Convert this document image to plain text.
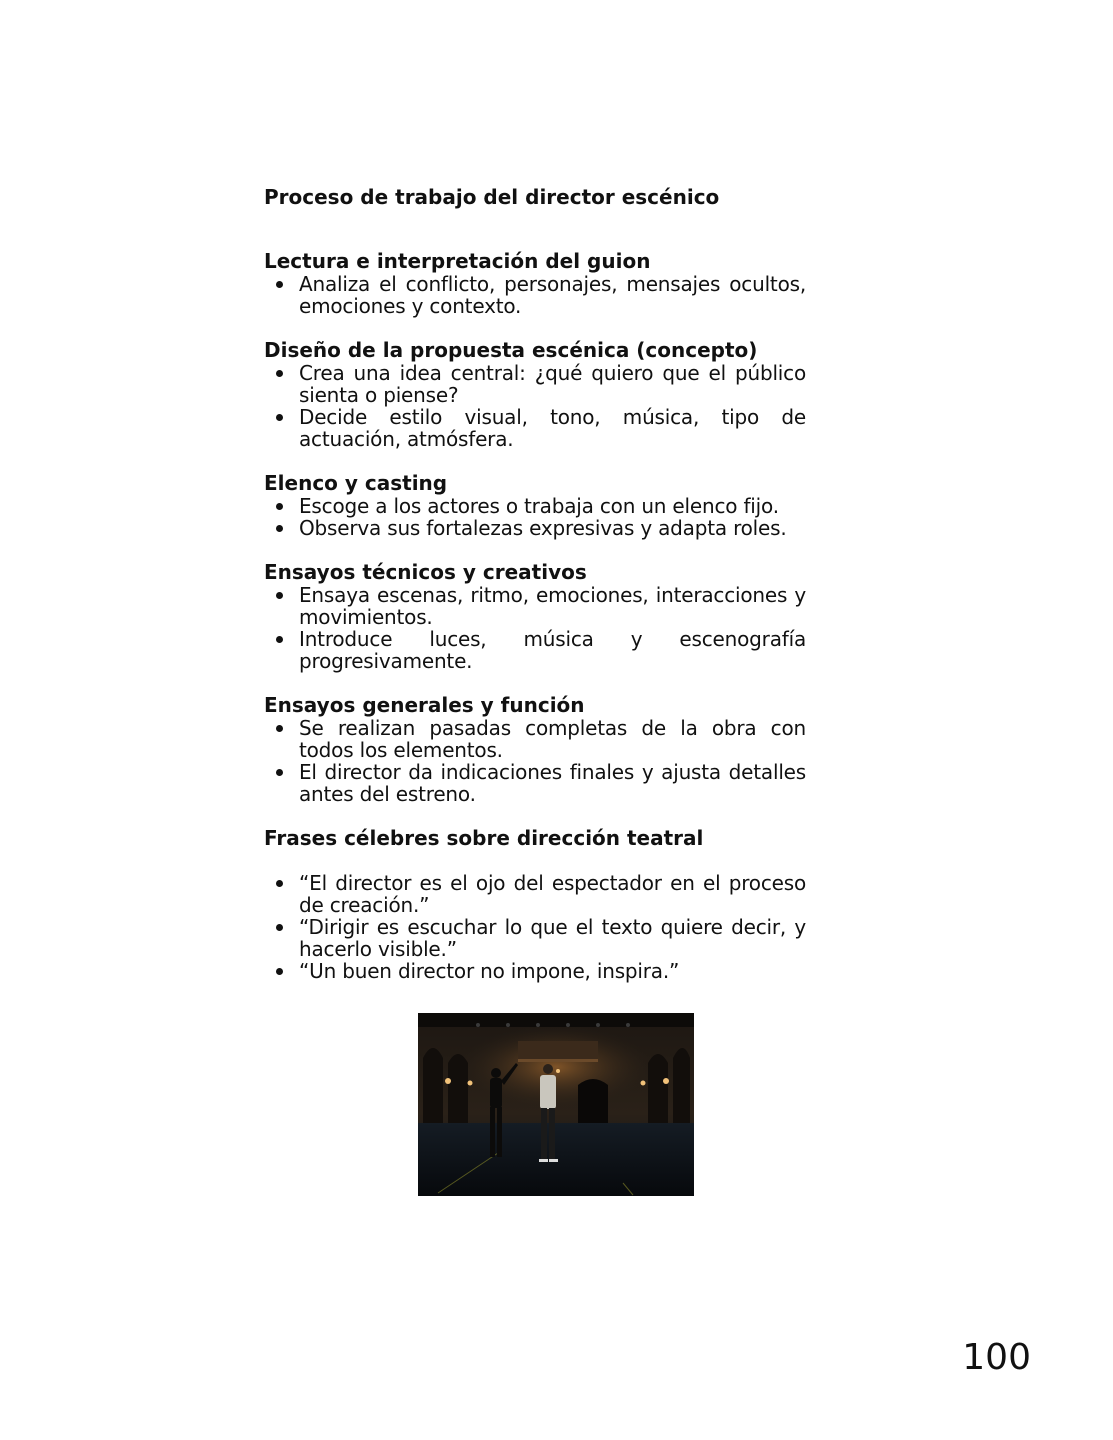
Proceso de trabajo del director escénico
Lectura e interpretación del guion
Analiza el conflicto, personajes, mensajes ocultos, emociones y contexto.
Diseño de la propuesta escénica (concepto)
Crea una idea central: ¿qué quiero que el público sienta o piense?
Decide estilo visual, tono, música, tipo de actuación, atmósfera.
Elenco y casting
Escoge a los actores o trabaja con un elenco fijo.
Observa sus fortalezas expresivas y adapta roles.
Ensayos técnicos y creativos
Ensaya escenas, ritmo, emociones, interacciones y movimientos.
Introduce luces, música y escenografía progresivamente.
Ensayos generales y función
Se realizan pasadas completas de la obra con todos los elementos.
El director da indicaciones finales y ajusta detalles antes del estreno.
Frases célebres sobre dirección teatral
“El director es el ojo del espectador en el proceso de creación.”
“Dirigir es escuchar lo que el texto quiere decir, y hacerlo visible.”
“Un buen director no impone, inspira.”
100
